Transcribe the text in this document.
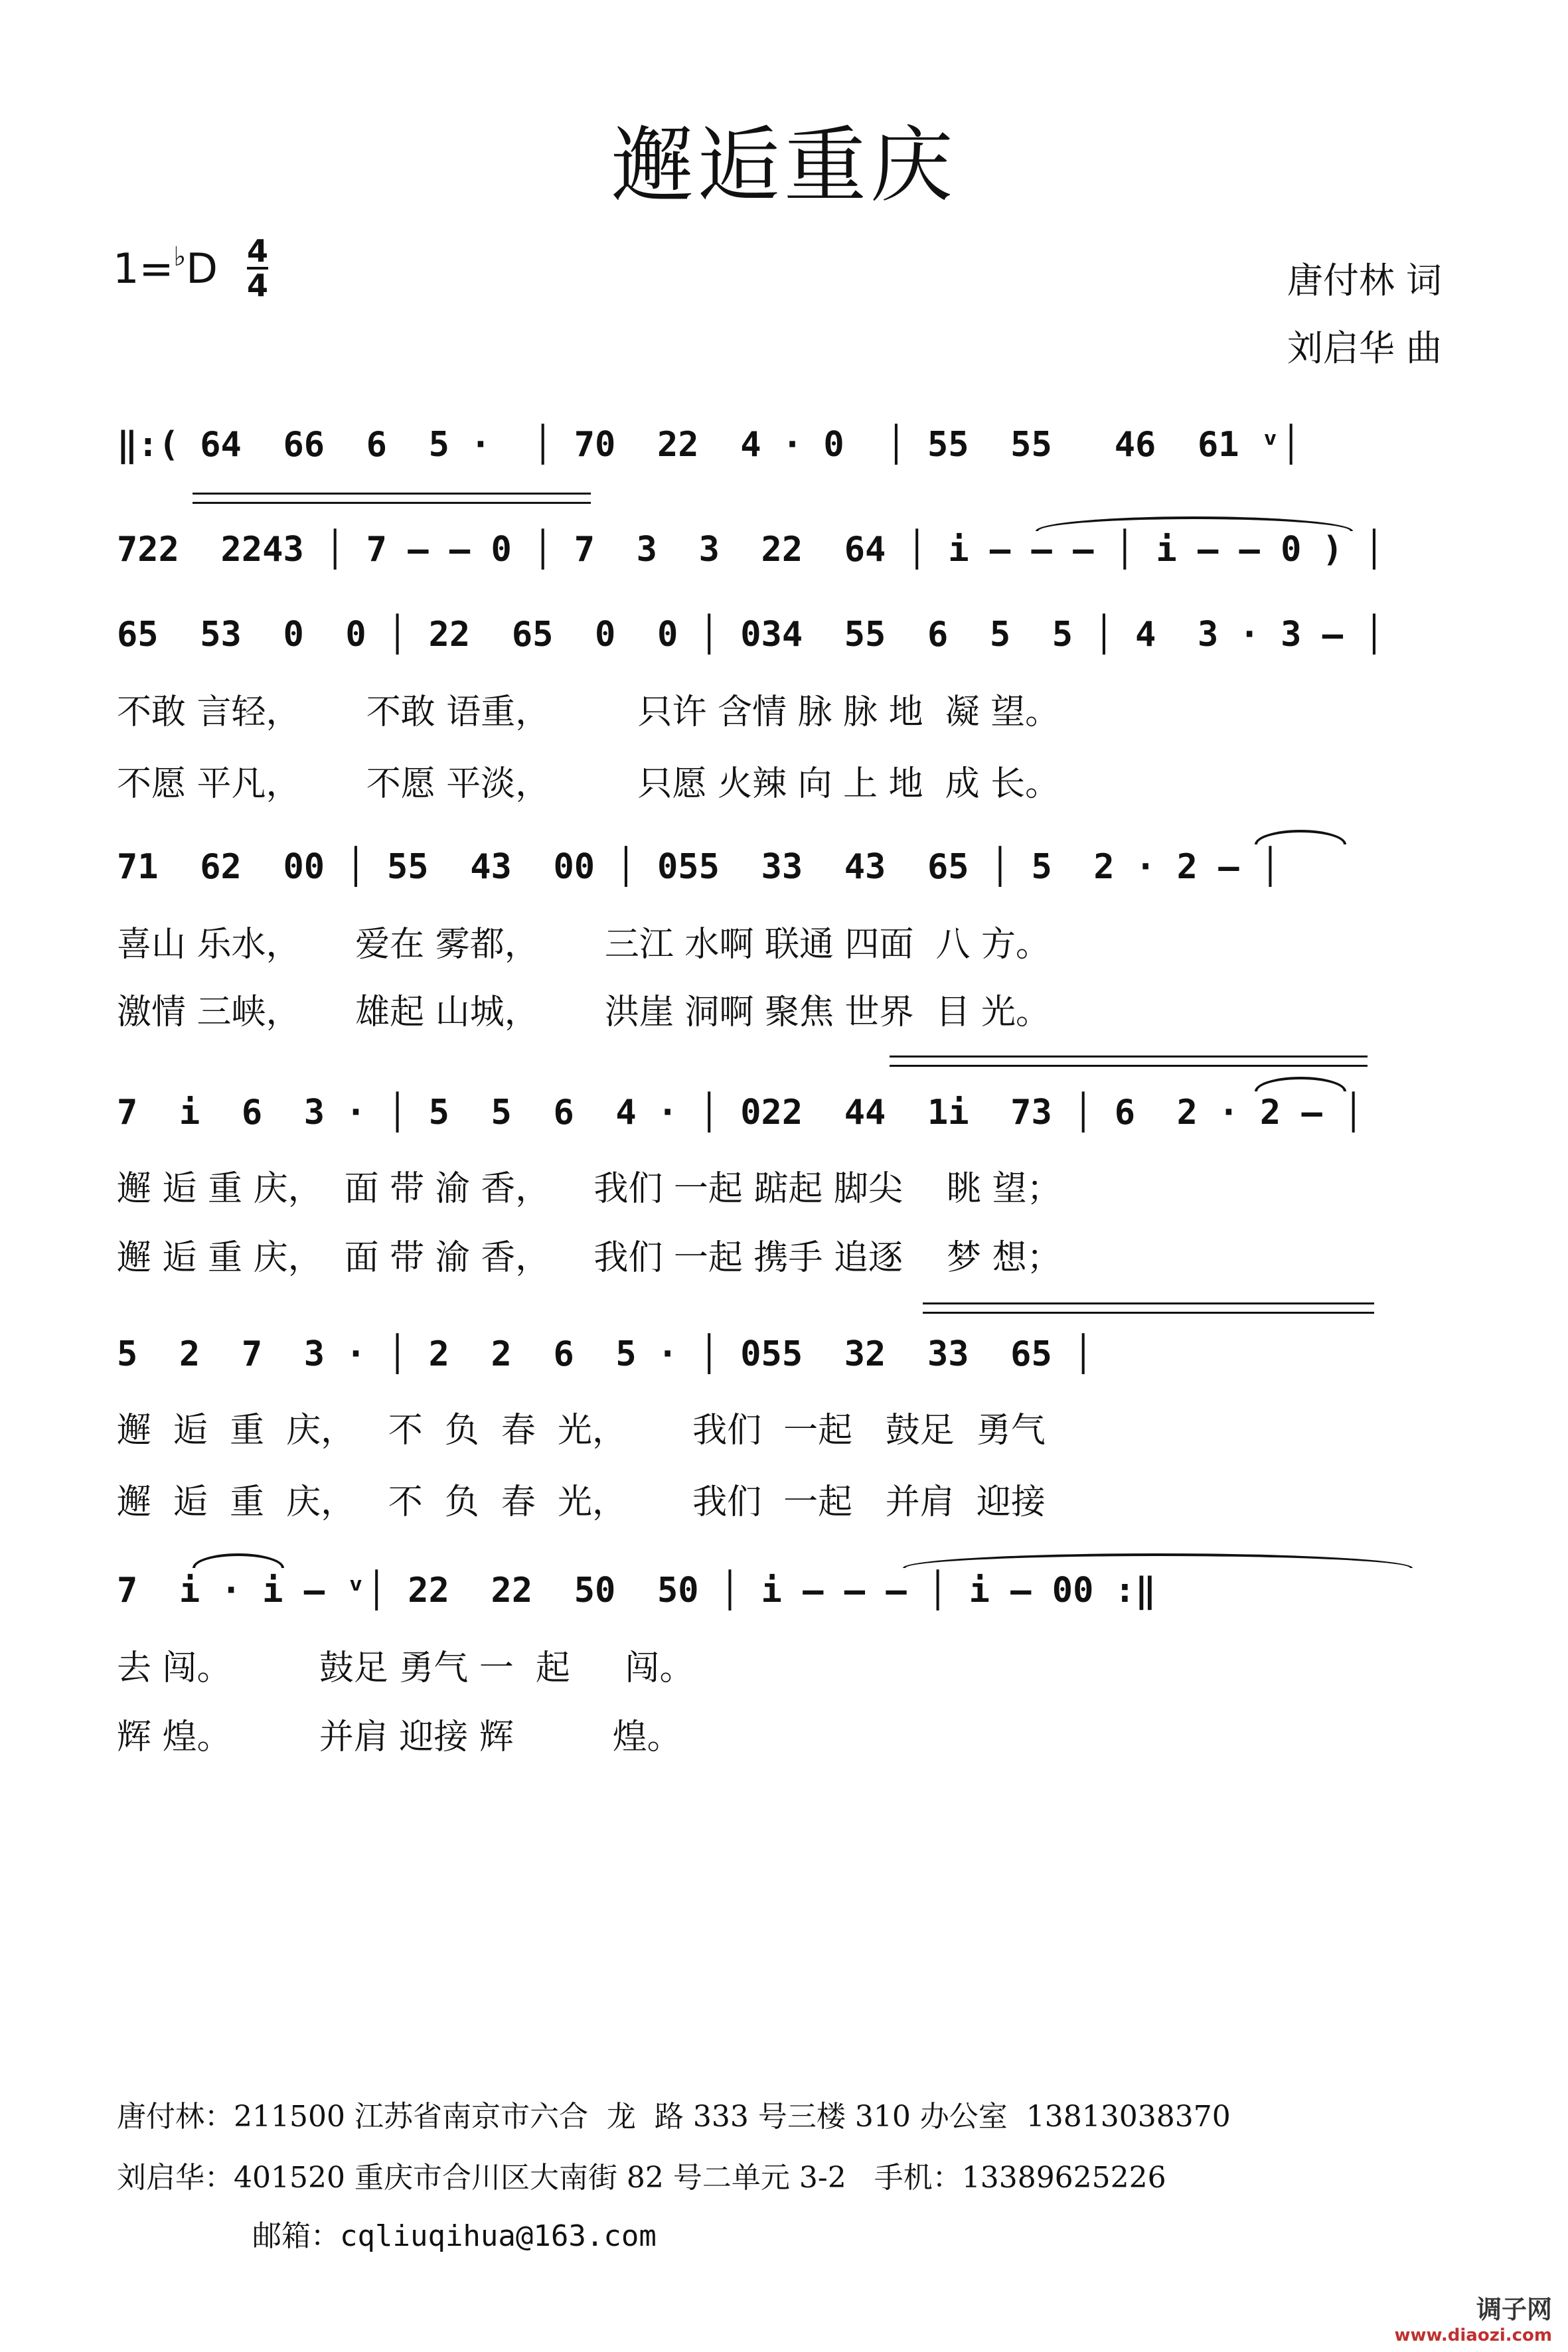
邂逅重庆
1=♭D 4
4	唐付林 词
刘启华 曲
‖:( 64  66  6  5 ·  │ 70  22  4 · 0  │ 55  55   46  61 ᵛ│
722  2243 │ 7 — — 0 │ 7  3  3  22  64 │ i — — — │ i — — 0 ) │
65  53  0  0 │ 22  65  0  0 │ 034  55  6  5  5 │ 4  3 · 3 — │
不敢 言轻，      不敢 语重，        只许 含情 脉 脉 地  凝 望。
不愿 平凡，      不愿 平淡，        只愿 火辣 向 上 地  成 长。
71  62  00 │ 55  43  00 │ 055  33  43  65 │ 5  2 · 2 — │
喜山 乐水，     爱在 雾都，      三江 水啊 联通 四面  八 方。
激情 三峡，     雄起 山城，      洪崖 洞啊 聚焦 世界  目 光。
7  i  6  3 · │ 5  5  6  4 · │ 022  44  1i  73 │ 6  2 · 2 — │
邂 逅 重 庆，  面 带 渝 香，    我们 一起 踮起 脚尖    眺 望；
邂 逅 重 庆，  面 带 渝 香，    我们 一起 携手 追逐    梦 想；
5  2  7  3 · │ 2  2  6  5 · │ 055  32  33  65 │
邂  逅  重  庆，   不  负  春  光，      我们  一起   鼓足  勇气
邂  逅  重  庆，   不  负  春  光，      我们  一起   并肩  迎接
7  i · i — ᵛ│ 22  22  50  50 │ i — — — │ i — 00 :‖
去 闯。        鼓足 勇气 一  起     闯。
辉 煌。        并肩 迎接 辉         煌。
唐付林：211500 江苏省南京市六合  龙  路 333 号三楼 310 办公室  13813038370
刘启华：401520 重庆市合川区大南街 82 号二单元 3-2   手机：13389625226
邮箱：cqliuqihua@163.com
调子网
www.diaozi.com
